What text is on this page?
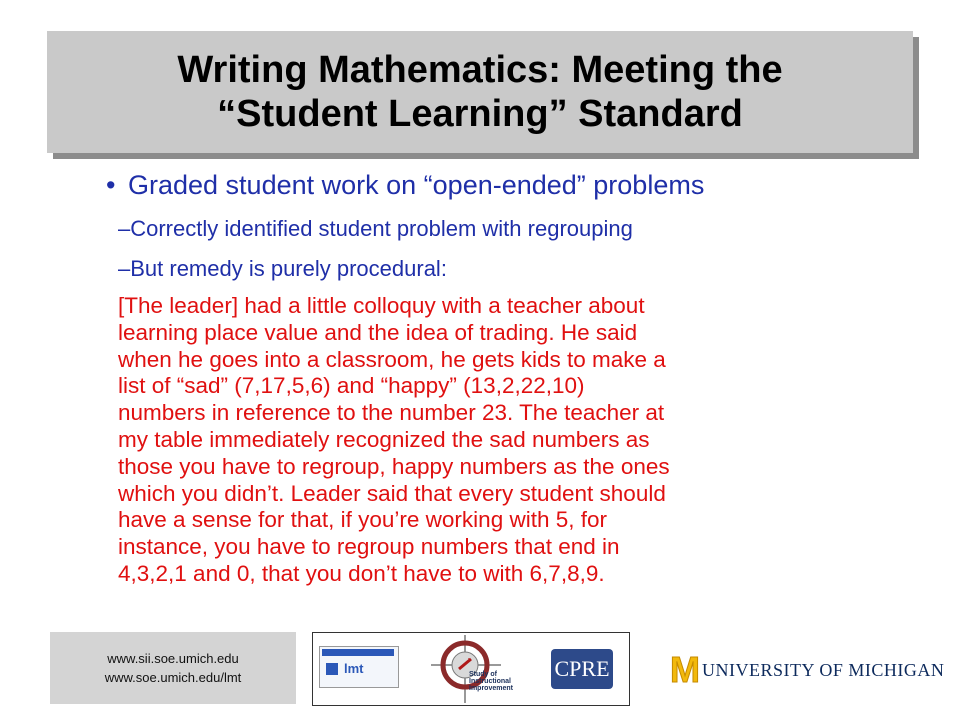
Writing Mathematics: Meeting the
“Student Learning” Standard
• Graded student work on “open-ended” problems
–Correctly identified student problem with regrouping
–But remedy is purely procedural:
[The leader] had a little colloquy with a teacher about
learning place value and the idea of trading. He said
when he goes into a classroom, he gets kids to make a
list of “sad” (7,17,5,6) and “happy” (13,2,22,10)
numbers in reference to the number 23. The teacher at
my table immediately recognized the sad numbers as
those you have to regroup, happy numbers as the ones
which you didn’t. Leader said that every student should
have a sense for that, if you’re working with 5, for
instance, you have to regroup numbers that end in
4,3,2,1 and 0, that you don’t have to with 6,7,8,9.
www.sii.soe.umich.edu
www.soe.umich.edu/lmt
lmt	Study of Instructional Improvement
CPRE M UNIVERSITY OF MICHIGAN
